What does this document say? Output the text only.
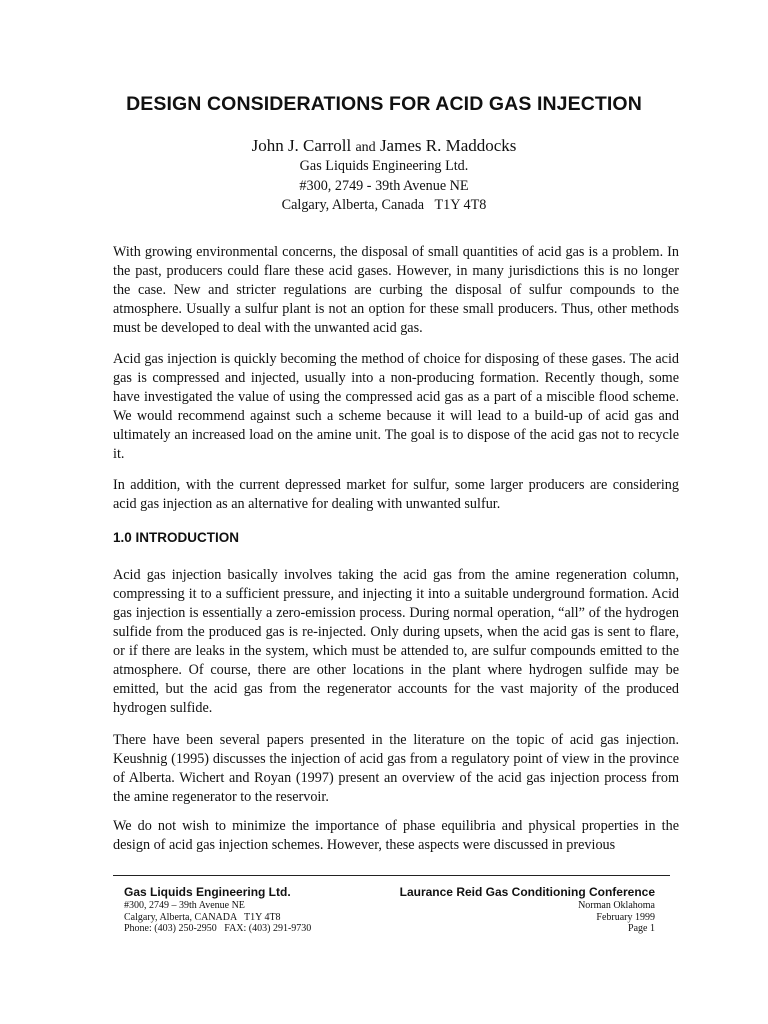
DESIGN CONSIDERATIONS FOR ACID GAS INJECTION
John J. Carroll and James R. Maddocks
Gas Liquids Engineering Ltd.
#300, 2749 - 39th Avenue NE
Calgary, Alberta, Canada   T1Y 4T8

With growing environmental concerns, the disposal of small quantities of acid gas is a problem. In the past, producers could flare these acid gases. However, in many jurisdictions this is no longer the case. New and stricter regulations are curbing the disposal of sulfur compounds to the atmosphere. Usually a sulfur plant is not an option for these small producers. Thus, other methods must be developed to deal with the unwanted acid gas.

Acid gas injection is quickly becoming the method of choice for disposing of these gases. The acid gas is compressed and injected, usually into a non-producing formation. Recently though, some have investigated the value of using the compressed acid gas as a part of a miscible flood scheme. We would recommend against such a scheme because it will lead to a build-up of acid gas and ultimately an increased load on the amine unit. The goal is to dispose of the acid gas not to recycle it.

In addition, with the current depressed market for sulfur, some larger producers are considering acid gas injection as an alternative for dealing with unwanted sulfur.

1.0 INTRODUCTION

Acid gas injection basically involves taking the acid gas from the amine regeneration column, compressing it to a sufficient pressure, and injecting it into a suitable underground formation. Acid gas injection is essentially a zero-emission process. During normal operation, “all” of the hydrogen sulfide from the produced gas is re-injected. Only during upsets, when the acid gas is sent to flare, or if there are leaks in the system, which must be attended to, are sulfur compounds emitted to the atmosphere. Of course, there are other locations in the plant where hydrogen sulfide may be emitted, but the acid gas from the regenerator accounts for the vast majority of the produced hydrogen sulfide.

There have been several papers presented in the literature on the topic of acid gas injection. Keushnig (1995) discusses the injection of acid gas from a regulatory point of view in the province of Alberta. Wichert and Royan (1997) present an overview of the acid gas injection process from the amine regenerator to the reservoir.

We do not wish to minimize the importance of phase equilibria and physical properties in the design of acid gas injection schemes. However, these aspects were discussed in previous

Gas Liquids Engineering Ltd.
#300, 2749 – 39th Avenue NE
Calgary, Alberta, CANADA   T1Y 4T8
Phone: (403) 250-2950   FAX: (403) 291-9730
Laurance Reid Gas Conditioning Conference
Norman Oklahoma
February 1999
Page 1
